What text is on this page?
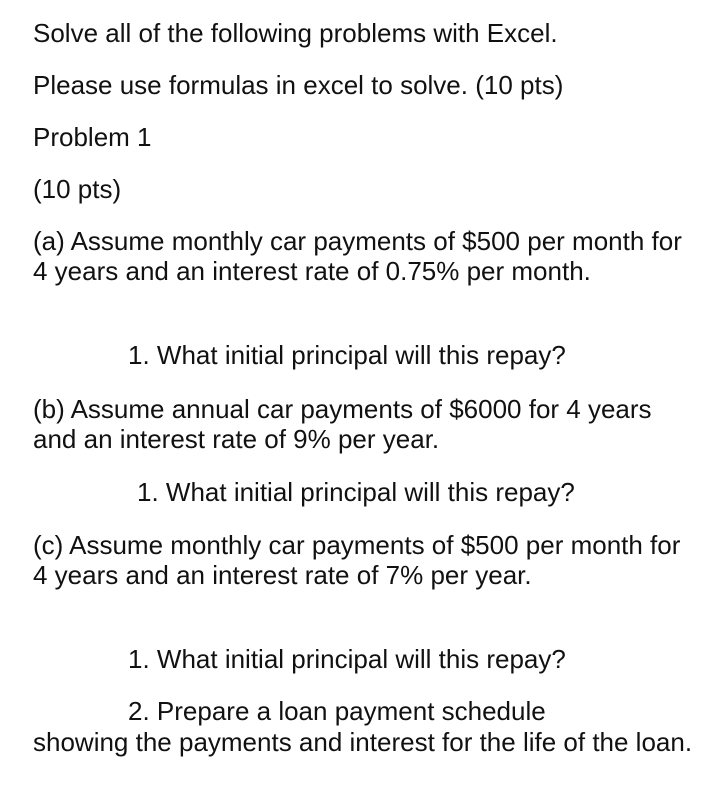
Solve all of the following problems with Excel.

Please use formulas in excel to solve. (10 pts)

Problem 1

(10 pts)

(a) Assume monthly car payments of $500 per month for 4 years and an interest rate of 0.75% per month.

1. What initial principal will this repay?

(b) Assume annual car payments of $6000 for 4 years and an interest rate of 9% per year.

1. What initial principal will this repay?

(c) Assume monthly car payments of $500 per month for 4 years and an interest rate of 7% per year.

1. What initial principal will this repay?

2. Prepare a loan payment schedule

showing the payments and interest for the life of the loan.
